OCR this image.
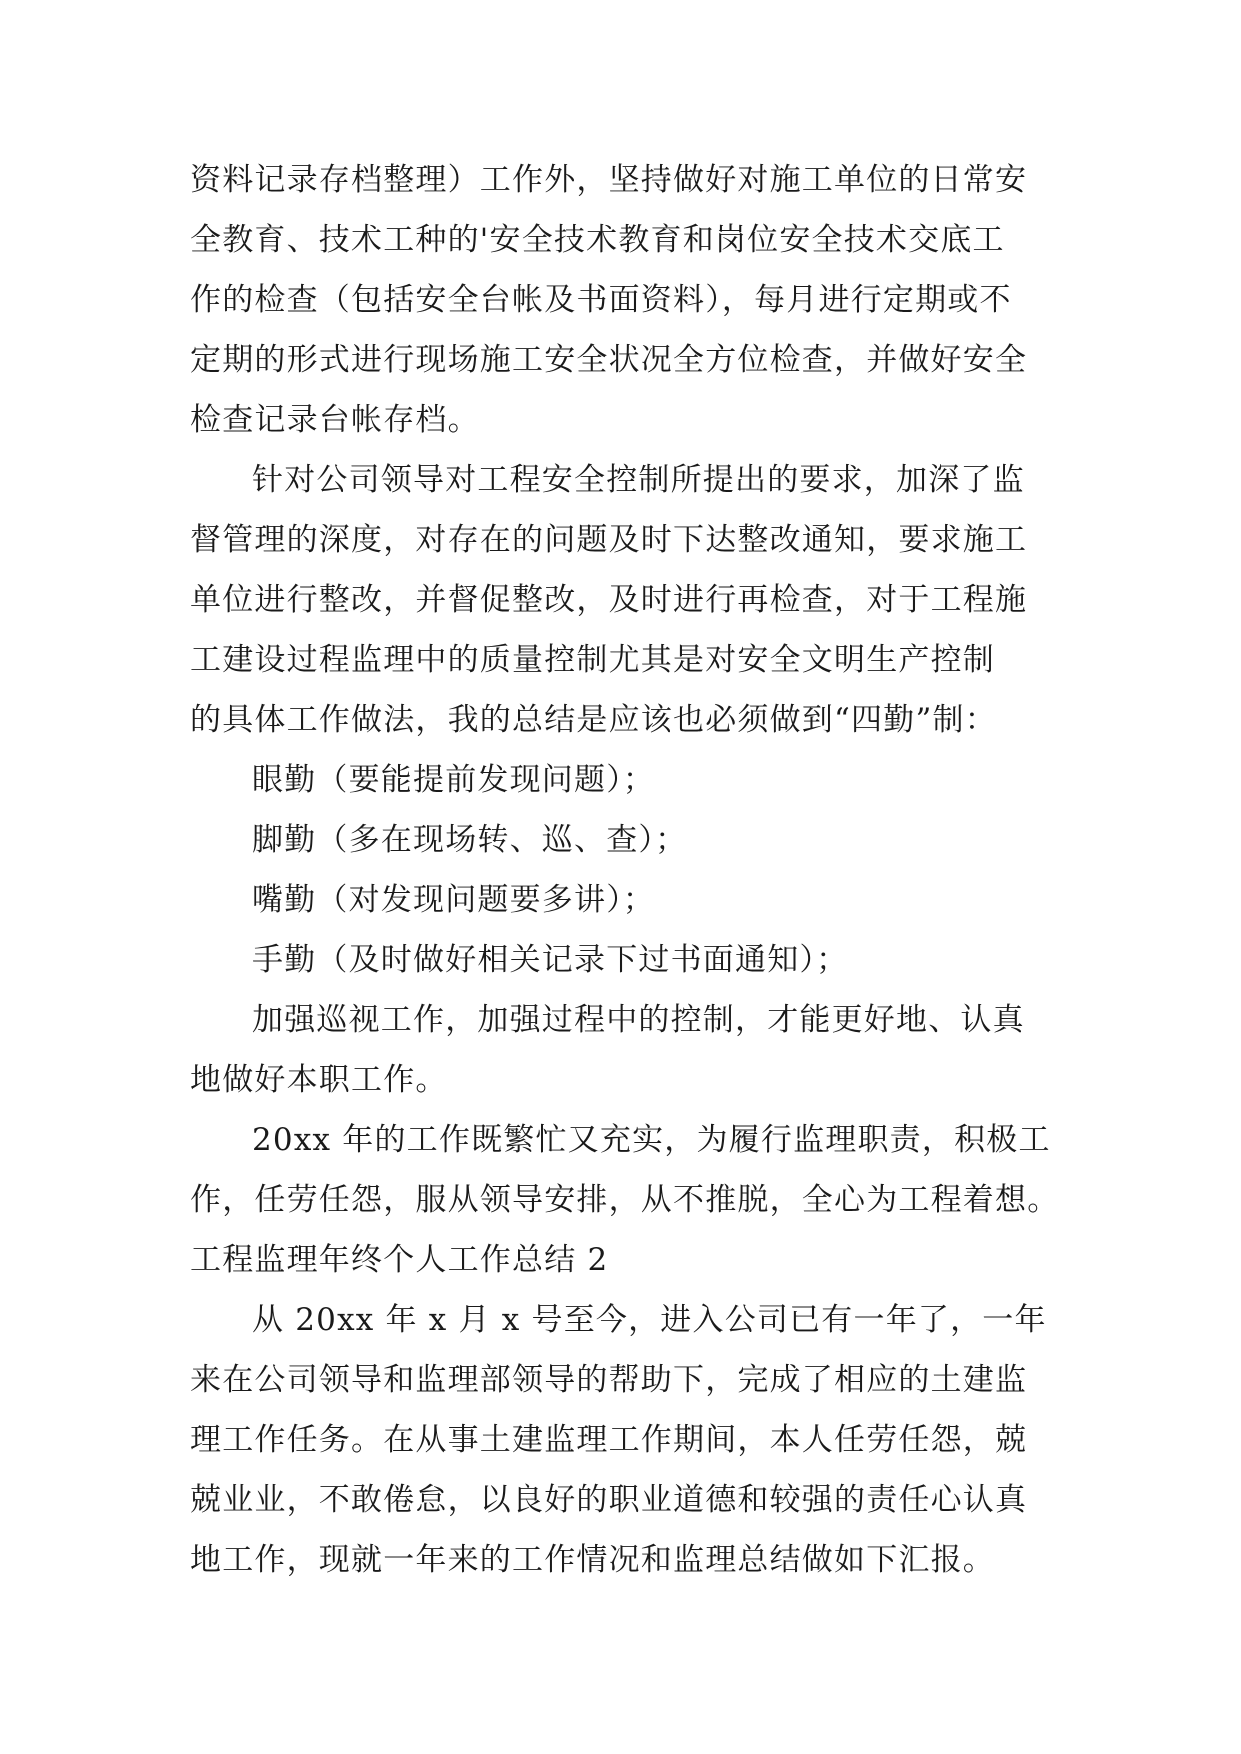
资料记录存档整理）工作外，坚持做好对施工单位的日常安
全教育、技术工种的'安全技术教育和岗位安全技术交底工
作的检查（包括安全台帐及书面资料），每月进行定期或不
定期的形式进行现场施工安全状况全方位检查，并做好安全
检查记录台帐存档。
针对公司领导对工程安全控制所提出的要求，加深了监
督管理的深度，对存在的问题及时下达整改通知，要求施工
单位进行整改，并督促整改，及时进行再检查，对于工程施
工建设过程监理中的质量控制尤其是对安全文明生产控制
的具体工作做法，我的总结是应该也必须做到“四勤”制：
眼勤（要能提前发现问题）；
脚勤（多在现场转、巡、查）；
嘴勤（对发现问题要多讲）；
手勤（及时做好相关记录下过书面通知）；
加强巡视工作，加强过程中的控制，才能更好地、认真
地做好本职工作。
20xx 年的工作既繁忙又充实，为履行监理职责，积极工
作，任劳任怨，服从领导安排，从不推脱，全心为工程着想。
工程监理年终个人工作总结 2
从 20xx 年 x 月 x 号至今，进入公司已有一年了，一年
来在公司领导和监理部领导的帮助下，完成了相应的土建监
理工作任务。在从事土建监理工作期间，本人任劳任怨，兢
兢业业，不敢倦怠，以良好的职业道德和较强的责任心认真
地工作，现就一年来的工作情况和监理总结做如下汇报。
